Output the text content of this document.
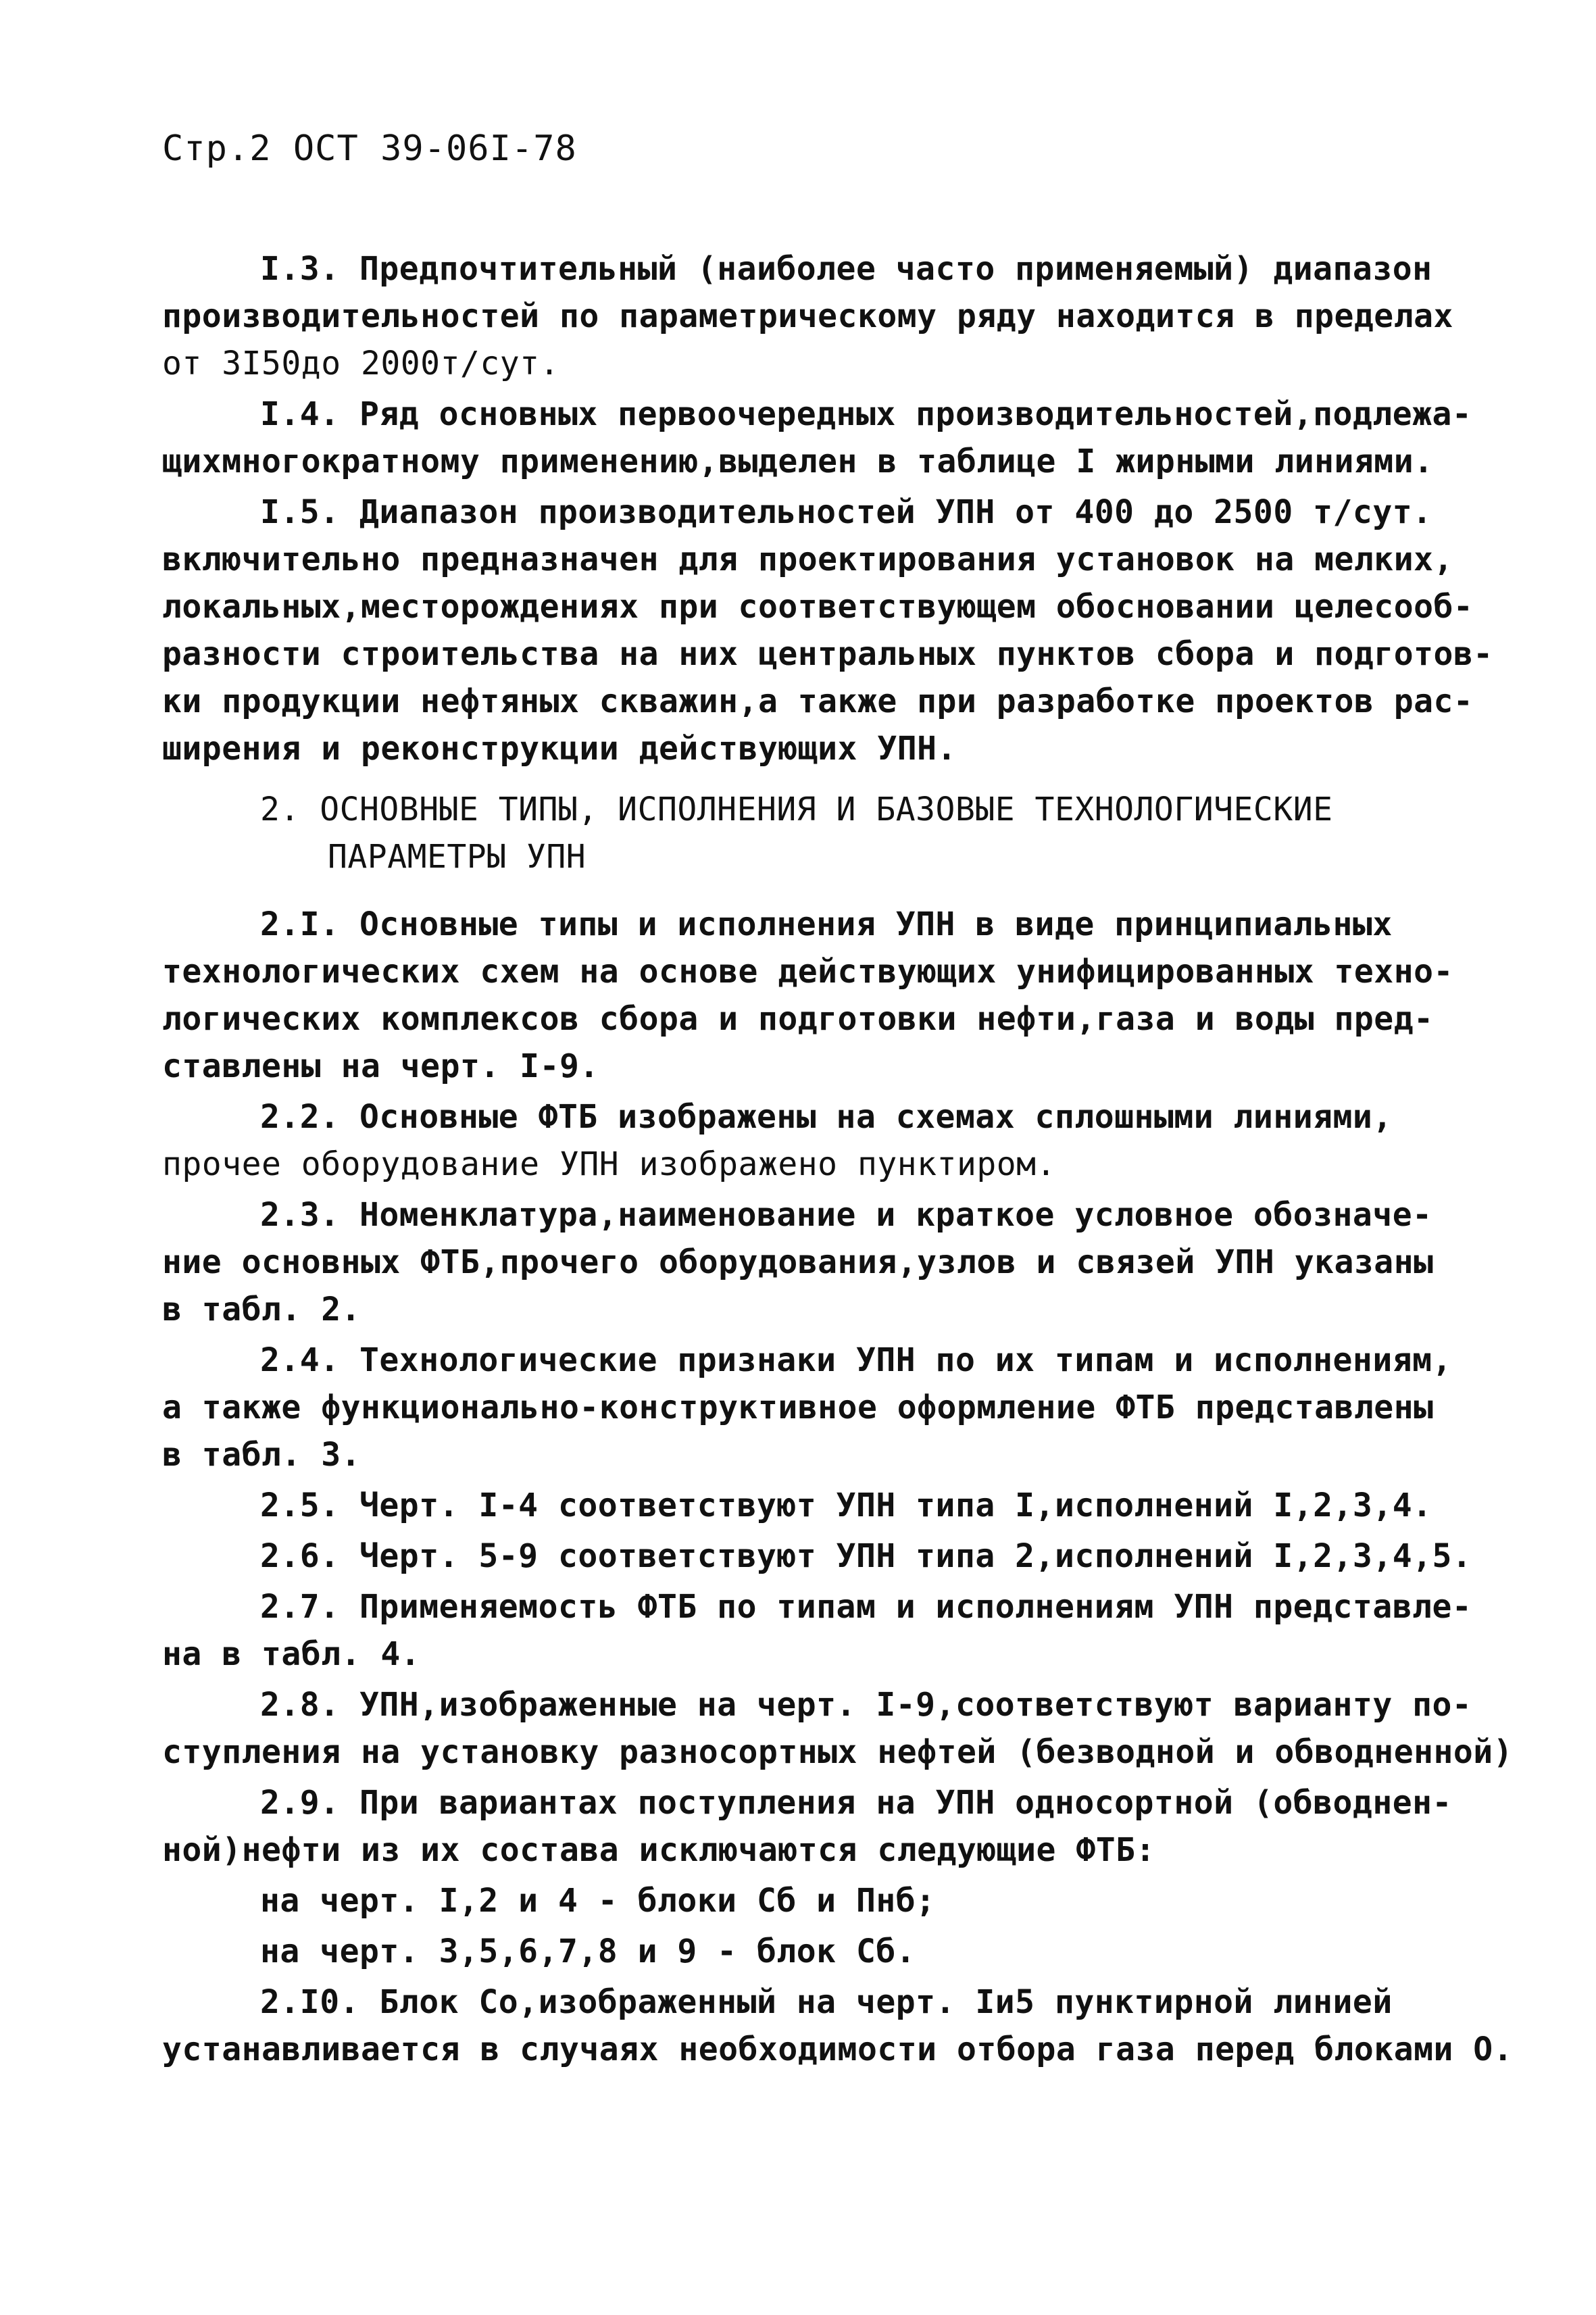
Стр.2 ОСТ 39-06I-78
I.3. Предпочтительный (наиболее часто применяемый) диапазон
производительностей по параметрическому ряду находится в пределах
от 3I50до 2000т/сут.
I.4. Ряд основных первоочередных производительностей,подлежа-
щихмногократному применению,выделен в таблице I жирными линиями.
I.5. Диапазон производительностей УПН от 400 до 2500 т/сут.
включительно предназначен для проектирования установок на мелких,
локальных,месторождениях при соответствующем обосновании целесооб-
разности строительства на них центральных пунктов сбора и подготов-
ки продукции нефтяных скважин,а также при разработке проектов рас-
ширения и реконструкции действующих УПН.
2. ОСНОВНЫЕ ТИПЫ, ИСПОЛНЕНИЯ И БАЗОВЫЕ ТЕХНОЛОГИЧЕСКИЕ
ПАРАМЕТРЫ УПН
2.I. Основные типы и исполнения УПН в виде принципиальных
технологических схем на основе действующих унифицированных техно-
логических комплексов сбора и подготовки нефти,газа и воды пред-
ставлены на черт. I-9.
2.2. Основные ФТБ изображены на схемах сплошными линиями,
прочее оборудование УПН изображено пунктиром.
2.3. Номенклатура,наименование и краткое условное обозначе-
ние основных ФТБ,прочего оборудования,узлов и связей УПН указаны
в табл. 2.
2.4. Технологические признаки УПН по их типам и исполнениям,
а также функционально-конструктивное оформление ФТБ представлены
в табл. 3.
2.5. Черт. I-4 соответствуют УПН типа I,исполнений I,2,3,4.
2.6. Черт. 5-9 соответствуют УПН типа 2,исполнений I,2,3,4,5.
2.7. Применяемость ФТБ по типам и исполнениям УПН представле-
на в табл. 4.
2.8. УПН,изображенные на черт. I-9,соответствуют варианту по-
ступления на установку разносортных нефтей (безводной и обводненной)
2.9. При вариантах поступления на УПН односортной (обводнен-
ной)нефти из их состава исключаются следующие ФТБ:
на черт. I,2 и 4 - блоки Сб и Пнб;
на черт. 3,5,6,7,8 и 9 - блок Сб.
2.I0. Блок Со,изображенный на черт. Iи5 пунктирной линией
устанавливается в случаях необходимости отбора газа перед блоками О.
